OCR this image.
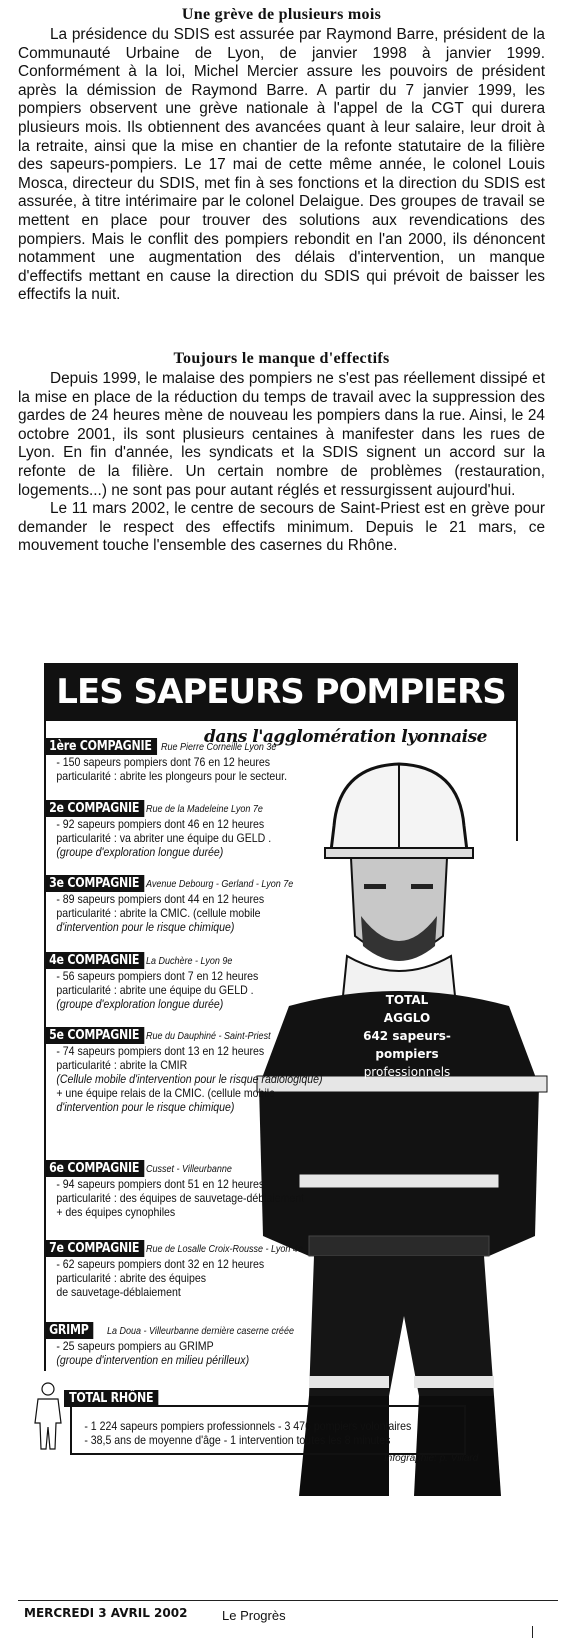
Une grève de plusieurs mois

La présidence du SDIS est assurée par Raymond Barre, président de la Communauté Urbaine de Lyon, de janvier 1998 à janvier 1999. Conformément à la loi, Michel Mercier assure les pouvoirs de président après la démission de Raymond Barre. A partir du 7 janvier 1999, les pompiers observent une grève nationale à l'appel de la CGT qui durera plusieurs mois. Ils obtiennent des avancées quant à leur salaire, leur droit à la retraite, ainsi que la mise en chantier de la refonte statutaire de la filière des sapeurs-pompiers. Le 17 mai de cette même année, le colonel Louis Mosca, directeur du SDIS, met fin à ses fonctions et la direction du SDIS est assurée, à titre intérimaire par le colonel Delaigue. Des groupes de travail se mettent en place pour trouver des solutions aux revendications des pompiers. Mais le conflit des pompiers rebondit en l'an 2000, ils dénoncent notamment une augmentation des délais d'intervention, un manque d'effectifs mettant en cause la direction du SDIS qui prévoit de baisser les effectifs la nuit.

Toujours le manque d'effectifs

Depuis 1999, le malaise des pompiers ne s'est pas réellement dissipé et la mise en place de la réduction du temps de travail avec la suppression des gardes de 24 heures mène de nouveau les pompiers dans la rue. Ainsi, le 24 octobre 2001, ils sont plusieurs centaines à manifester dans les rues de Lyon. En fin d'année, les syndicats et la SDIS signent un accord sur la refonte de la filière. Un certain nombre de problèmes (restauration, logements...) ne sont pas pour autant réglés et ressurgissent aujourd'hui.

Le 11 mars 2002, le centre de secours de Saint-Priest est en grève pour demander le respect des effectifs minimum. Depuis le 21 mars, ce mouvement touche l'ensemble des casernes du Rhône.

LES SAPEURS POMPIERS
dans l'agglomération lyonnaise
TOTAL
AGGLO
642 sapeurs-pompiers
professionnels
1ère COMPAGNIE Rue Pierre Corneille Lyon 3e
- 150 sapeurs pompiers dont 76 en 12 heures
particularité : abrite les plongeurs pour le secteur.
2e COMPAGNIE Rue de la Madeleine Lyon 7e
- 92 sapeurs pompiers dont 46 en 12 heures
particularité : va abriter une équipe du GELD .
(groupe d'exploration longue durée)
3e COMPAGNIE Avenue Debourg - Gerland - Lyon 7e
- 89 sapeurs pompiers dont 44 en 12 heures
particularité : abrite la CMIC. (cellule mobile
d'intervention pour le risque chimique)
4e COMPAGNIE La Duchère - Lyon 9e
- 56 sapeurs pompiers dont 7 en 12 heures
particularité : abrite une équipe du GELD .
(groupe d'exploration longue durée)
5e COMPAGNIE Rue du Dauphiné - Saint-Priest
- 74 sapeurs pompiers dont 13 en 12 heures
particularité : abrite la CMIR
(Cellule mobile d'intervention pour le risque radiologique)
+ une équipe relais de la CMIC. (cellule mobile
d'intervention pour le risque chimique)
6e COMPAGNIE Cusset - Villeurbanne
- 94 sapeurs pompiers dont 51 en 12 heures
particularité : des équipes de sauvetage-déblaiement
+ des équipes cynophiles
7e COMPAGNIE Rue de Losalle Croix-Rousse - Lyon 4e
- 62 sapeurs pompiers dont 32 en 12 heures
particularité : abrite des équipes
de sauvetage-déblaiement
GRIMP La Doua - Villeurbanne dernière caserne créée
- 25 sapeurs pompiers au GRIMP
(groupe d'intervention en milieu périlleux)
- 1 224 sapeurs pompiers professionnels - 3 476 pompiers volontaires
- 38,5 ans de moyenne d'âge - 1 intervention toutes les 8 minutes
TOTAL RHÔNE
Infographie: p. Villard
MERCREDI 3 AVRIL 2002	Le Progrès
